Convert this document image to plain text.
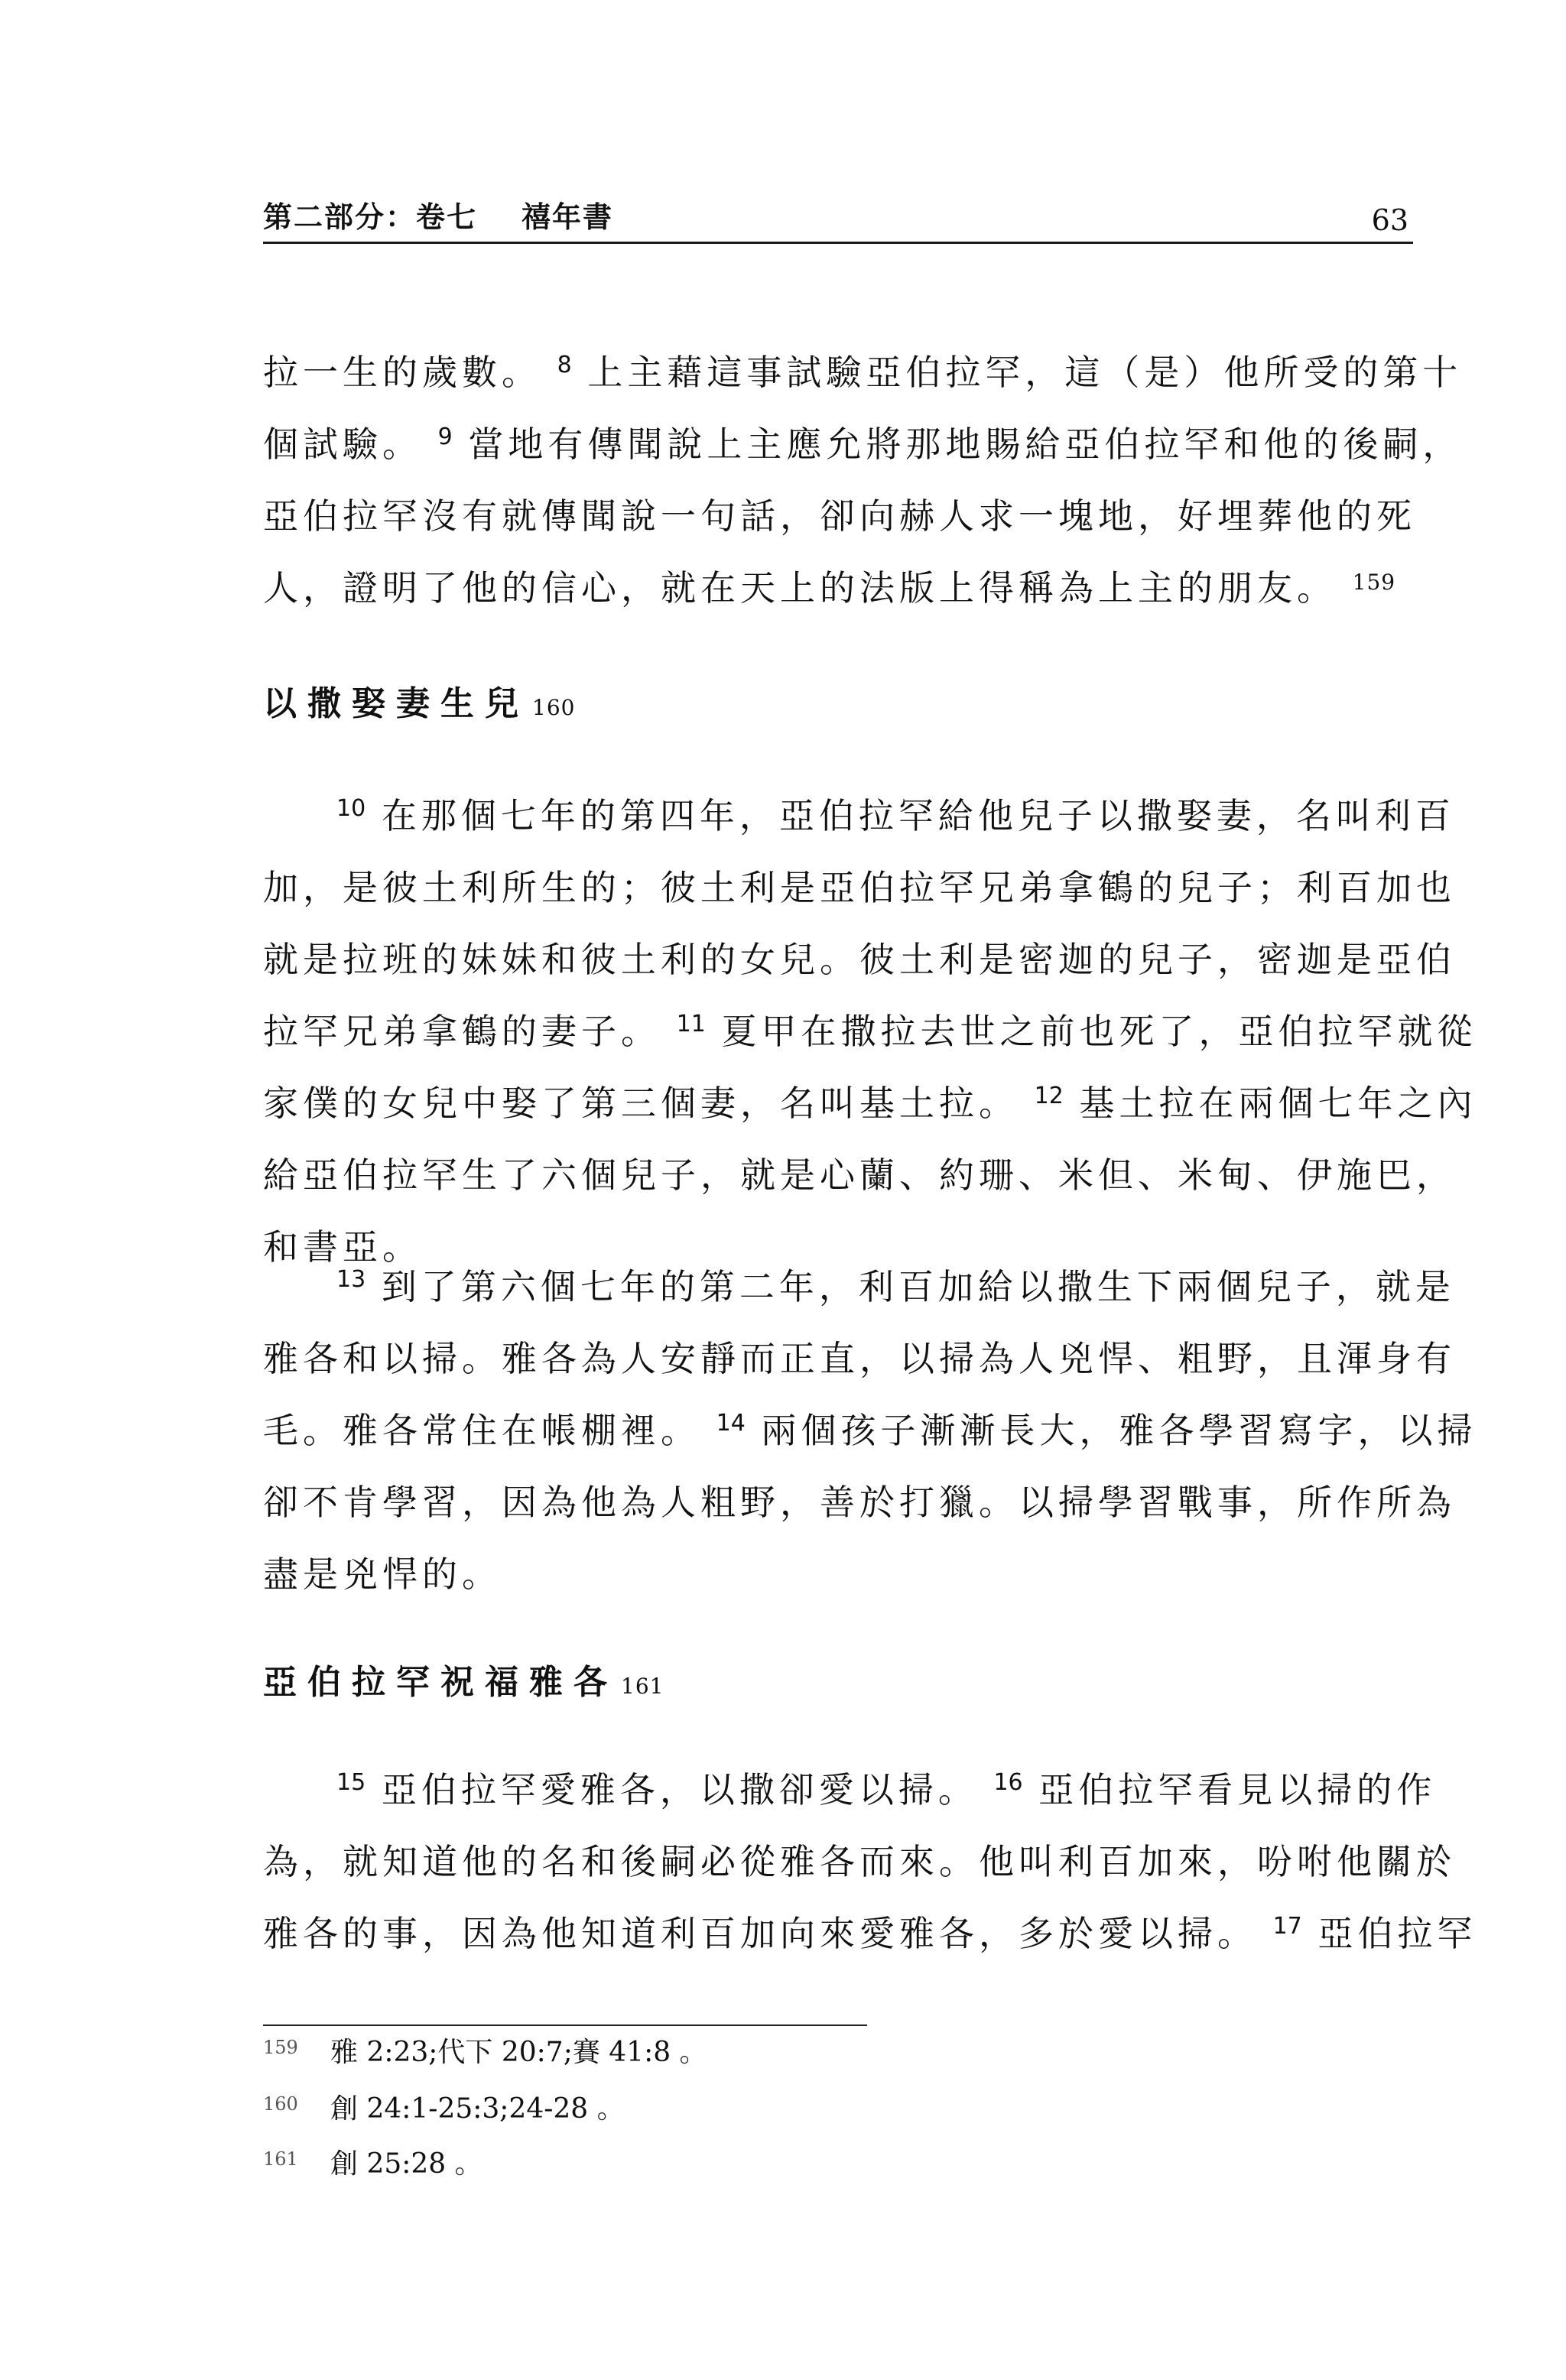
第二部分：卷七 禧年書	63

拉一生的歲數。 $^8$ 上主藉這事試驗亞伯拉罕，這（是）他所受的第十

個試驗。 $^9$ 當地有傳聞說上主應允將那地賜給亞伯拉罕和他的後嗣，

亞伯拉罕沒有就傳聞說一句話，卻向赫人求一塊地，好埋葬他的死

人，證明了他的信心，就在天上的法版上得稱為上主的朋友。 $^{159}$

以撒娶妻生兒 160

$^{10}$ 在那個七年的第四年，亞伯拉罕給他兒子以撒娶妻，名叫利百

加，是彼土利所生的；彼土利是亞伯拉罕兄弟拿鶴的兒子；利百加也

就是拉班的妹妹和彼土利的女兒。彼土利是密迦的兒子，密迦是亞伯

拉罕兄弟拿鶴的妻子。 $^{11}$ 夏甲在撒拉去世之前也死了，亞伯拉罕就從

家僕的女兒中娶了第三個妻，名叫基土拉。 $^{12}$ 基土拉在兩個七年之內

給亞伯拉罕生了六個兒子，就是心蘭、約珊、米但、米甸、伊施巴，

和書亞。

$^{13}$ 到了第六個七年的第二年，利百加給以撒生下兩個兒子，就是

雅各和以掃。雅各為人安靜而正直，以掃為人兇悍、粗野，且渾身有

毛。雅各常住在帳棚裡。 $^{14}$ 兩個孩子漸漸長大，雅各學習寫字，以掃

卻不肯學習，因為他為人粗野，善於打獵。以掃學習戰事，所作所為

盡是兇悍的。

亞伯拉罕祝福雅各 161

$^{15}$ 亞伯拉罕愛雅各，以撒卻愛以掃。 $^{16}$ 亞伯拉罕看見以掃的作

為，就知道他的名和後嗣必從雅各而來。他叫利百加來，吩咐他關於

雅各的事，因為他知道利百加向來愛雅各，多於愛以掃。 $^{17}$ 亞伯拉罕

159 雅 2:23;代下 20:7;賽 41:8 。
160 創 24:1-25:3;24-28 。
161 創 25:28 。
